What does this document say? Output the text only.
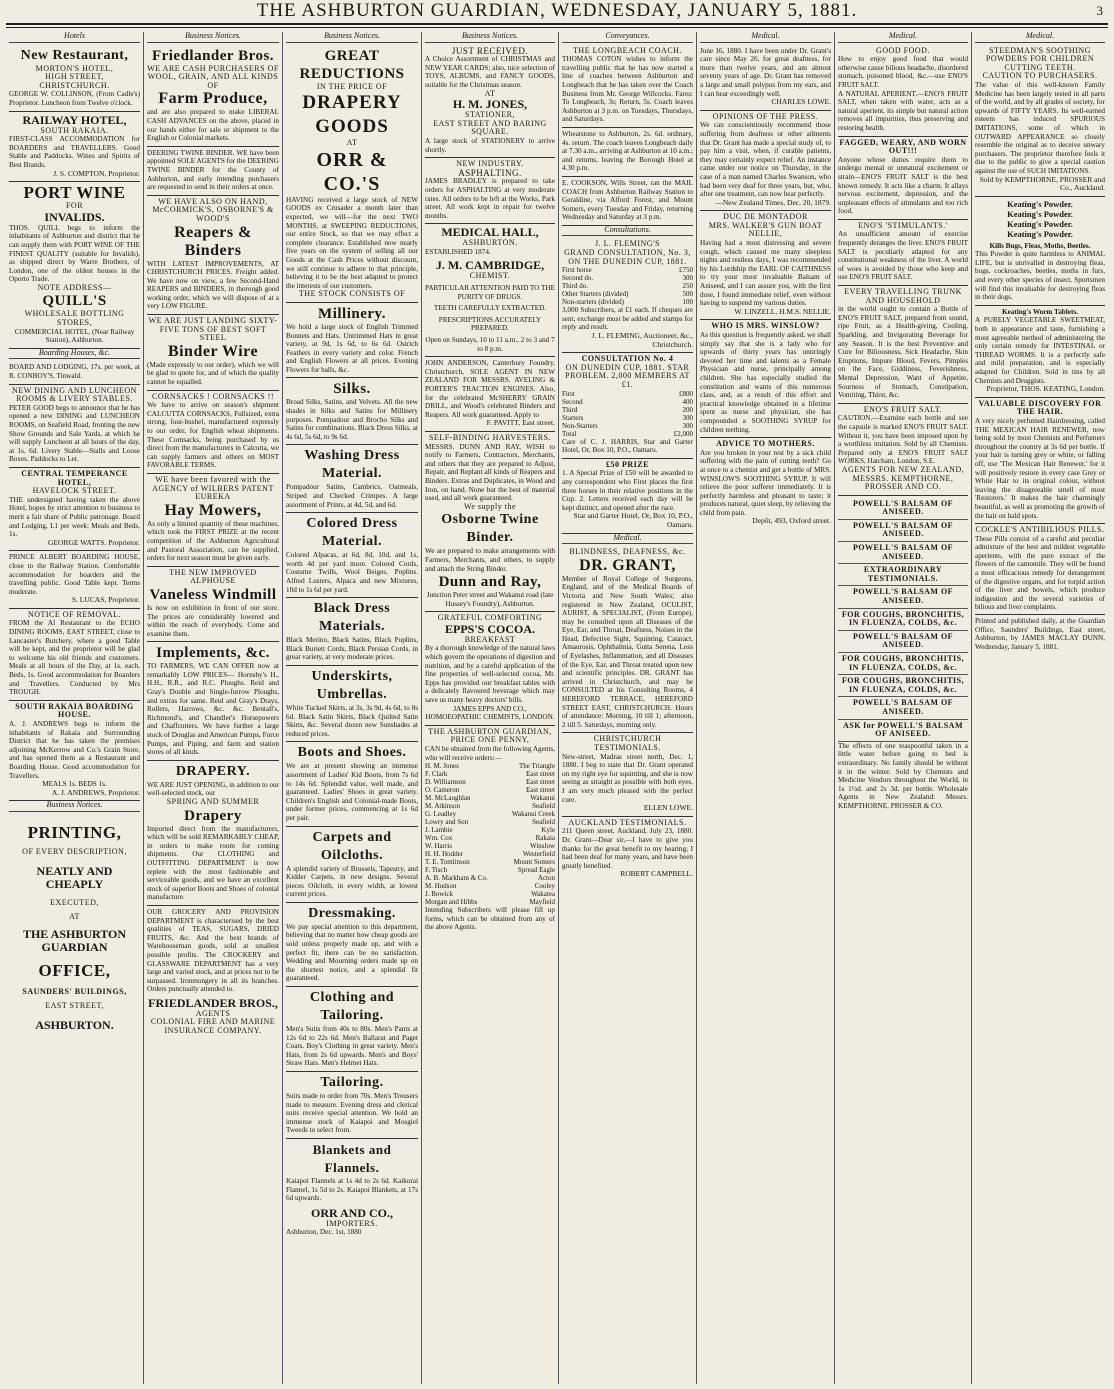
THE ASHBURTON GUARDIAN, WEDNESDAY, JANUARY 5, 1881.	3
Hotels

New Restaurant,

MORTON'S HOTEL,

HIGH STREET, CHRISTCHURCH.

GEORGE W. COLLINSON, (From Cadle's) Proprietor. Luncheon from Twelve o'clock.

RAILWAY HOTEL,

SOUTH RAKAIA.

FIRST-CLASS ACCOMMODATION for BOARDERS and TRAVELLERS. Good Stable and Paddocks. Wines and Spirits of Best Brands.

J. S. COMPTON, Proprietor.

PORT WINE

FOR

INVALIDS.

THOS. QUILL begs to inform the inhabitants of Ashburton and district that he can supply them with PORT WINE OF THE FINEST QUALITY (suitable for Invalids), as shipped direct by Warre Brothers, of London, one of the oldest houses in the Oporto Trade.

NOTE ADDRESS—

QUILL'S

WHOLESALE BOTTLING STORES,

COMMERCIAL HOTEL, (Near Railway Station), Ashburton.

Boarding Houses, &c.

BOARD AND LODGING, 17s. per week, at R. CONBOY'S, Tinwald.

NEW DINING AND LUNCHEON ROOMS & LIVERY STABLES.

PETER GOOD begs to announce that he has opened a new DINING and LUNCHEON ROOMS, on Seafield Road, fronting the new Show Grounds and Sale Yards, at which he will supply Luncheon at all hours of the day, at 1s. 6d. Livery Stable—Stalls and Loose Boxes. Paddocks to Let.

CENTRAL TEMPERANCE HOTEL,

HAVELOCK STREET.

THE undersigned having taken the above Hotel, hopes by strict attention to business to merit a fair share of Public patronage. Board and Lodging, L1 per week; Meals and Beds, 1s.

GEORGE WATTS. Proprietor.

PRINCE ALBERT BOARDING HOUSE, close to the Railway Station. Comfortable accommodation for boarders and the travelling public. Good Table kept. Terms moderate.

S. LUCAS, Proprietor.

NOTICE OF REMOVAL.

FROM the Al Restaurant to the ECHO DINING ROOMS, EAST STREET, close to Lancaster's Butchery, where a good Table will be kept, and the proprietor will be glad to welcome his old friends and customers. Meals at all hours of the Day, at 1s. each. Beds, 1s. Good accommodation for Boarders and Travellers. Conducted by Mrs TROUGH.

SOUTH RAKAIA BOARDING HOUSE.

A. J. ANDREWS begs to inform the inhabitants of Rakaia and Surrounding District that he has taken the premises adjoining McKerrow and Co.'s Grain Store, and has opened them as a Restaurant and Boarding House. Good accommodation for Travellers.

MEALS 1s. BEDS 1s.

A. J. ANDREWS, Proprietor.

Business Notices.

PRINTING,

OF EVERY DESCRIPTION,

NEATLY AND CHEAPLY

EXECUTED,

AT

THE ASHBURTON GUARDIAN

OFFICE,

SAUNDERS' BUILDINGS,

EAST STREET,

ASHBURTON.

Business Notices.

Friedlander Bros.

WE ARE CASH PURCHASERS OF WOOL, GRAIN, AND ALL KINDS OF

Farm Produce,

and are also prepared to make LIBERAL CASH ADVANCES on the above, placed in our hands either for sale or shipment to the English or Colonial markets.

DEERING TWINE BINDER. WE have been appointed SOLE AGENTS for the DEERING TWINE BINDER for the County of Ashburton, and early intending purchasers are requested to send in their orders at once.

WE HAVE ALSO ON HAND, McCORMICK'S, OSBORNE'S & WOOD'S

Reapers & Binders

WITH LATEST IMPROVEMENTS, AT CHRISTCHURCH PRICES. Freight added. We have now on view, a few Second-Hand REAPERS and BINDERS, in thorough good working order, which we will dispose of at a very LOW FIGURE.

WE ARE JUST LANDING SIXTY-FIVE TONS OF BEST SOFT STEEL

Binder Wire

(Made expressly to our order), which we will be glad to quote for, and of which the quality cannot be equalled.

CORNSACKS ! CORNSACKS !!

We have to arrive on season's shipment CALCUTTA CORNSACKS, Fullsized, extra strong, four-bushel, manufactured expressly to our order, for English wheat shipments. These Cornsacks, being purchased by us direct from the manufacturers in Calcutta, we can supply farmers and others on MOST FAVORABLE TERMS.

WE have been favored with the AGENCY of WILBERS PATENT EUREKA

Hay Mowers,

As only a limited quantity of these machines, which took the FIRST PRIZE at the recent competition of the Ashburton Agricultural and Pastoral Association, can be supplied, orders for next season must be given early.

THE NEW IMPROVED ALPHOUSE

Vaneless Windmill

Is now on exhibition in front of our store. The prices are considerably lowered and within the reach of everybody. Come and examine them.

Implements, &c.

TO FARMERS, WE CAN OFFER now at remarkably LOW PRICES— Hornsby's H., H.H., R.R., and R.C. Ploughs. Reid and Gray's Double and Single-furrow Ploughs, and extras for same. Reid and Gray's Drays, Rollers, Harrows, &c. &c. Bentall's, Richmond's, and Chandler's Horsepowers and Chaffcutters. We have further a large stock of Douglas and American Pumps, Force Pumps, and Piping, and farm and station stores of all kinds.

DRAPERY.

WE ARE JUST OPENING, in addition to our well-selected stock, our

SPRING AND SUMMER

Drapery

Imported direct from the manufacturers, which will be sold REMARKABLY CHEAP, in orders to make room for coming shipments. Our CLOTHING and OUTFITTING DEPARTMENT is now replete with the most fashionable and serviceable goods, and we have an excellent stock of superior Boots and Shoes of colonial manufacture.

OUR GROCERY AND PROVISION DEPARTMENT is characterised by the best qualities of TEAS, SUGARS, DRIED FRUITS, &c. And the best brands of Warehouseman goods, sold at smallest possible profits. The CROCKERY and GLASSWARE DEPARTMENT has a very large and varied stock, and at prices not to be surpassed. Ironmongery in all its branches. Orders punctually attended to.

FRIEDLANDER BROS.,

AGENTS

COLONIAL FIRE AND MARINE INSURANCE COMPANY.

Business Notices.

GREAT REDUCTIONS

IN THE PRICE OF

DRAPERY GOODS

AT

ORR & CO.'S

HAVING received a large stock of NEW GOODS ex Crusader a month later than expected, we will—for the next TWO MONTHS, at SWEEPING REDUCTIONS, our entire Stock, so that we may effect a complete clearance. Established now nearly five years on the system of selling all our Goods at the Cash Prices without discount, we still continue to adhere to that principle, believing it to be the best adapted to protect the interests of our customers.

THE STOCK CONSISTS OF

Millinery.

We hold a large stock of English Trimmed Bonnets and Hats. Untrimmed Hats in great variety, at 9d, 1s 6d, to 6s 6d. Ostrich Feathers in every variety and color. French and English Flowers at all prices. Evening Flowers for balls, &c.

Silks.

Broad Silks, Satins, and Velvets. All the new shades in Silks and Satins for Millinery purposes. Pompadour and Brocho Silks and Satins for combinations. Black Dress Silks, at 4s 6d, 5s 6d, to 9s 6d.

Washing Dress Material.

Pompadour Satins, Cambrics, Oatmeals, Striped and Checked Crimpes. A large assortment of Prints, at 4d, 5d, and 6d.

Colored Dress Material.

Colored Alpacas, at 6d, 8d, 10d, and 1s, worth 4d per yard more. Colored Cords, Costume Twills, Wool Beiges, Poplins. Alfred Lusters, Alpaca and new Mixtures, 10d to 1s 6d per yard.

Black Dress Materials.

Black Merino, Black Satins, Black Poplins, Black Buriett Cords, Black Persian Cords, in great variety, at very moderate prices.

Underskirts, Umbrellas.

White Tucked Skirts, at 3s, 3s 9d, 4s 6d, to 8s 6d. Black Satin Skirts, Black Quilted Satin Skirts, &c. Several dozen new Sunshades at reduced prices.

Boots and Shoes.

We are at present showing an immense assortment of Ladies' Kid Boots, from 7s 6d to 14s 6d. Splendid value, well made, and guaranteed. Ladies' Shoes in great variety. Children's English and Colonial-made Boots, under former prices, commencing at 1s 6d per pair.

Carpets and Oilcloths.

A splendid variety of Brussels, Tapestry, and Kidder Carpets, in new designs. Several pieces Oilcloth, in every width, at lowest current prices.

Dressmaking.

We pay special attention to this department, believing that no matter how cheap goods are sold unless properly made up, and with a perfect fit, there can be no satisfaction. Wedding and Mourning orders made up on the shortest notice, and a splendid fit guaranteed.

Clothing and Tailoring.

Men's Suits from 40s to 80s. Men's Pants at 12s 6d to 22s 6d. Men's Ballarat and Paget Coats. Boy's Clothing in great variety. Men's Hats, from 2s 6d upwards. Men's and Boys' Straw Hats. Men's Helmet Hats.

Tailoring.

Suits made to order from 70s. Men's Trousers made to measure. Evening dress and clerical suits receive special attention. We hold an immense stock of Kaiapoi and Mosgiel Tweeds to select from.

Blankets and Flannels.

Kaiapoi Flannels at 1s 4d to 2s 6d. Kaikorai Flannel, 1s 5d to 2s. Kaiapoi Blankets, at 17s 6d upwards.

ORR AND CO.,

IMPORTERS.

Ashburton, Dec. 1st, 1880

Business Notices.

JUST RECEIVED.

A Choice Assortment of CHRISTMAS and NEW YEAR CARDS; also, nice selection of TOYS, ALBUMS, and FANCY GOODS, suitable for the Christmas season.

AT

H. M. JONES,

STATIONER,

EAST STREET AND BARING SQUARE.

A large stock of STATIONERY to arrive shortly.

NEW INDUSTRY.

ASPHALTING.

JAMES BRADLEY is prepared to take orders for ASPHALTING at very moderate rates. All orders to be left at the Works, Park street. All work kept in repair for twelve months.

MEDICAL HALL,

ASHBURTON.

ESTABLISHED 1874.

J. M. CAMBRIDGE,

CHEMIST.

PARTICULAR ATTENTION PAID TO THE PURITY OF DRUGS.

TEETH CAREFULLY EXTRACTED.

PRESCRIPTIONS ACCURATELY PREPARED.

Open on Sundays, 10 to 11 a.m., 2 to 3 and 7 to 8 p.m.

JOHN ANDERSON, Canterbury Foundry, Christchurch, SOLE AGENT IN NEW ZEALAND FOR MESSRS. AVELING & PORTER'S TRACTION ENGINES. Also, for the celebrated McSHERRY GRAIN DRILL, and Wood's celebrated Binders and Reapers. All work guaranteed. Apply to

F. PAVITT, East street.

SELF-BINDING HARVESTERS.

MESSRS. DUNN AND RAY, WISH to notify to Farmers, Contractors, Merchants, and others that they are prepared to Adjust, Repair, and Replant all kinds of Reapers and Binders. Extras and Duplicates, in Wood and Iron, on hand. None but the best of material used, and all work guaranteed.

We supply the

Osborne Twine Binder.

We are prepared to make arrangements with Farmers, Merchants, and others, to supply and attach the String Binder.

Dunn and Ray,

Junction Peter street and Wakanui road (late Hussey's Foundry), Ashburton.

GRATEFUL COMFORTING

EPPS'S COCOA.

BREAKFAST

By a thorough knowledge of the natural laws which govern the operations of digestion and nutrition, and by a careful application of the fine properties of well-selected cocoa, Mr. Epps has provided our breakfast tables with a delicately flavoured beverage which may save us many heavy doctors' bills.

JAMES EPPS AND CO., HOMOEOPATHIC CHEMISTS, LONDON.

THE ASHBURTON GUARDIAN,

PRICE ONE PENNY,

CAN be obtained from the following Agents, who will receive orders:—

H. M. Jones	The Triangle
F. Clark	East street
D. Williamson	East street
O. Cameron	East street
M. McLaughlan	Wakanui
M. Atkinson	Seafield
G. Leadley	Wakanui Creek
Lowry and Son	Seafield
J. Lambie	Kyle
Wm. Cox	Rakaia
W. Harris	Winslow
H. H. Hodder	Westerfield
T. E. Tomlinson	Mount Somers
F. Tisch	Spread Eagle
A. B. Markham & Co.	Acton
M. Hudson	Cooley
J. Bowick	Wakatea
Morgan and Hibbs	Mayfield

Intending Subscribers will please fill up forms, which can be obtained from any of the above Agents.

Conveyances.

THE LONGBEACH COACH.

THOMAS COTON wishes to inform the travelling public that he has now started a line of coaches between Ashburton and Longbeach that he has taken over the Coach Business from Mr. George Willcocks. Fares: To Longbeach, 3s; Return, 5s. Coach leaves Ashburton at 3 p.m. on Tuesdays, Thursdays, and Saturdays.

Wheatstone to Ashburton, 2s. 6d. ordinary, 4s. return. The coach leaves Longbeach daily at 7.30 a.m., arriving at Ashburton at 10 a.m.; and returns, leaving the Borough Hotel at 4.30 p.m.

E. COOKSON, Wills Street, ran the MAIL COACH from Ashburton Railway Station to Geraldine, via Alford Forest, and Mount Somers, every Tuesday and Friday, returning Wednesday and Saturday at 3 p.m.

Consultations.

J. L. FLEMING'S

GRAND CONSULTATION, No. 3, ON THE DUNEDIN CUP, 1881.

First horse	£750
Second do.	300
Third do.	250
Other Starters (divided)	500
Non-starters (divided)	100

3,000 Subscribers, at £1 each. If cheques are sent, exchange must be added and stamps for reply and result.

J. L. FLEMING, Auctioneer, &c., Christchurch.

CONSULTATION No. 4

ON DUNEDIN CUP, 1881. STAR PROBLEM. 2,000 MEMBERS AT £1.

First	£800
Second	400
Third	200
Starters	300
Non-Starters	300
Total	£2,000

Care of C. J. HARRIS, Star and Garter Hotel, Or, Box 10, P.O., Oamaru.

£50 PRIZE

1. A Special Prize of £50 will be awarded to any correspondent who First places the first three horses in their relative positions in the Cup. 2. Letters received each day will be kept distinct, and opened after the race.

Star and Garter Hotel, Or, Box 10, P.O., Oamaru.

Medical.

BLINDNESS, DEAFNESS, &c.

DR. GRANT,

Member of Royal College of Surgeons, England, and of the Medical Boards of Victoria and New South Wales; also registered in New Zealand, OCULIST, AURIST, & SPECIALIST, (From Europe), may be consulted upon all Diseases of the Eye, Ear, and Throat, Deafness, Noises in the Head, Defective Sight, Squinting, Cataract, Amaurosis, Ophthalmia, Gutta Serena, Loss of Eyelashes, Inflammation, and all Diseases of the Eye, Ear, and Throat treated upon new and scientific principles. DR. GRANT has arrived in Christchurch, and may be CONSULTED at his Consulting Rooms, 4 HEREFORD TERRACE, HEREFORD STREET EAST, CHRISTCHURCH. Hours of attendance: Morning, 10 till 1; afternoon, 2 till 5. Saturdays, morning only.

CHRISTCHURCH TESTIMONIALS.

New-street, Madras street north, Dec. 1, 1880. I beg to state that Dr. Grant operated on my right eye for squinting, and she is now seeing as straight as possible with both eyes. I am very much pleased with the perfect cure.

ELLEN LOWE.

AUCKLAND TESTIMONIALS.

211 Queen street, Auckland, July 23, 1880. Dr. Grant—Dear sir,—I have to give you thanks for the great benefit to my hearing; I had been deaf for many years, and have been greatly benefited.

ROBERT CAMPBELL.

Medical.

June 16, 1880. I have been under Dr. Grant's care since May 26, for great deafness, for more than twelve years, and am almost seventy years of age. Dr. Grant has removed a large and small polypus from my ears, and I can hear exceedingly well.

CHARLES LOWE.

OPINIONS OF THE PRESS.

We can conscientiously recommend those suffering from deafness or other ailments that Dr. Grant has made a special study of, to pay him a visit, when, if curable patients, they may certainly expect relief. An instance came under our notice on Thursday, in the case of a man named Charles Swanson, who had been very deaf for three years, but, who, after one treatment, can now hear perfectly.

—New Zealand Times, Dec. 20, 1879.

DUC DE MONTADOR

MRS. WALKER'S GUN BOAT NELLIE,

Having had a most distressing and severe cough, which caused me many sleepless nights and restless days, I was recommended by his Lordship the EARL OF CAITHNESS to try your most invaluable Balsam of Aniseed, and I can assure you, with the first dose, I found immediate relief, even without having to suspend my various duties.

W. LINZELL, H.M.S. NELLIE.

WHO IS MRS. WINSLOW?

As this question is frequently asked, we shall simply say that she is a lady who for upwards of thirty years has untiringly devoted her time and talents as a Female Physician and nurse, principally among children. She has especially studied the constitution and wants of this numerous class, and, as a result of this effort and practical knowledge obtained in a lifetime spent as nurse and physician, she has compounded a SOOTHING SYRUP for children teething.

ADVICE TO MOTHERS.

Are you broken in your rest by a sick child suffering with the pain of cutting teeth? Go at once to a chemist and get a bottle of MRS. WINSLOW'S SOOTHING SYRUP. It will relieve the poor sufferer immediately. It is perfectly harmless and pleasant to taste; it produces natural, quiet sleep, by relieving the child from pain.

Depôt, 493, Oxford street.

Medical.

GOOD FOOD.

How to enjoy good food that would otherwise cause bilious headache, disordered stomach, poisoned blood, &c.—use ENO'S FRUIT SALT.

A NATURAL APERIENT.—ENO'S FRUIT SALT, when taken with water, acts as a natural aperient, its simple but natural action removes all impurities, thus preserving and restoring health.

FAGGED, WEARY, AND WORN OUT!!!

Anyone whose duties require them to undergo mental or unnatural excitement or strain—ENO'S FRUIT SALT is the best known remedy. It acts like a charm. It allays nervous excitement, depression, and the unpleasant effects of stimulants and too rich food.

ENO'S 'STIMULANTS.'

An unsufficient amount of exercise frequently deranges the liver. ENO'S FRUIT SALT is peculiarly adapted for any constitutional weakness of the liver. A world of woes is avoided by those who keep and use ENO'S FRUIT SALT.

EVERY TRAVELLING TRUNK AND HOUSEHOLD

in the world ought to contain a Bottle of ENO'S FRUIT SALT, prepared from sound, ripe Fruit, as a Health-giving, Cooling, Sparkling, and Invigorating Beverage for any Season. It is the best Preventive and Cure for Biliousness, Sick Headache, Skin Eruptions, Impure Blood, Fevers, Pimples on the Face, Giddiness, Feverishness, Mental Depression, Want of Appetite, Sourness of Stomach, Constipation, Vomiting, Thirst, &c.

ENO'S FRUIT SALT.

CAUTION.—Examine each bottle and see the capsule is marked ENO'S FRUIT SALT. Without it, you have been imposed upon by a worthless imitation. Sold by all Chemists. Prepared only at ENO'S FRUIT SALT WORKS, Hatcham, London, S.E.

AGENTS FOR NEW ZEALAND, MESSRS. KEMPTHORNE, PROSSER AND CO.

POWELL'S BALSAM OF ANISEED.

POWELL'S BALSAM OF ANISEED.

POWELL'S BALSAM OF ANISEED.

EXTRAORDINARY TESTIMONIALS.

POWELL'S BALSAM OF ANISEED.

FOR COUGHS, BRONCHITIS, IN FLUENZA, COLDS, &c.

POWELL'S BALSAM OF ANISEED.

FOR COUGHS, BRONCHITIS, IN FLUENZA, COLDS, &c.

FOR COUGHS, BRONCHITIS, IN FLUENZA, COLDS, &c.

POWELL'S BALSAM OF ANISEED.

ASK for POWELL'S BALSAM OF ANISEED.

The effects of one teaspoonful taken in a little water before going to bed is extraordinary. No family should be without it in the winter. Sold by Chemists and Medicine Vendors throughout the World, in 1s 1½d. and 2s 3d. per bottle. Wholesale Agents in New Zealand: Messrs. KEMPTHORNE, PROSSER & CO.

Medical.

STEEDMAN'S SOOTHING POWDERS FOR CHILDREN CUTTING TEETH.

CAUTION TO PURCHASERS.

The value of this well-known Family Medicine has been largely tested in all parts of the world, and by all grades of society, for upwards of FIFTY YEARS. Its well-earned esteem has induced SPURIOUS IMITATIONS, some of which in OUTWARD APPEARANCE so closely resemble the original as to deceive unwary purchasers. The proprietor therefore feels it due to the public to give a special caution against the use of SUCH IMITATIONS.

Sold by KEMPTHORNE, PROSSER and Co., Auckland.

Keating's Powder.

Keating's Powder.

Keating's Powder.

Keating's Powder.

Kills Bugs, Fleas, Moths, Beetles.

This Powder is quite harmless to ANIMAL LIFE, but is unrivalled in destroying fleas, bugs, cockroaches, beetles, moths in furs, and every other species of insect. Sportsmen will find this invaluable for destroying fleas in their dogs.

Keating's Worm Tablets.

A PURELY VEGETABLE SWEETMEAT, both in appearance and taste, furnishing a most agreeable method of administering the only certain remedy for INTESTINAL or THREAD WORMS. It is a perfectly safe and mild preparation, and is especially adapted for Children. Sold in tins by all Chemists and Druggists.

Proprietor, THOS. KEATING, London.

VALUABLE DISCOVERY FOR THE HAIR.

A very nicely perfumed Hairdressing, called THE MEXICAN HAIR RENEWER, now being sold by most Chemists and Perfumers throughout the country at 3s 6d per bottle. If your hair is turning grey or white, or falling off, use 'The Mexican Hair Renewer,' for it will positively restore in every case Grey or White Hair to its original colour, without leaving the disagreeable smell of most 'Restorers.' It makes the hair charmingly beautiful, as well as promoting the growth of the hair on bald spots.

COCKLE'S ANTIBILIOUS PILLS.

These Pills consist of a careful and peculiar admixture of the best and mildest vegetable aperients, with the pure extract of the flowers of the camomile. They will be found a most efficacious remedy for derangement of the digestive organs, and for torpid action of the liver and bowels, which produce indigestion and the several varieties of bilious and liver complaints.

Printed and published daily, at the Guardian Office, Saunders' Buildings, East street, Ashburton, by JAMES MACLAY DUNN, Wednesday, January 5, 1881.
